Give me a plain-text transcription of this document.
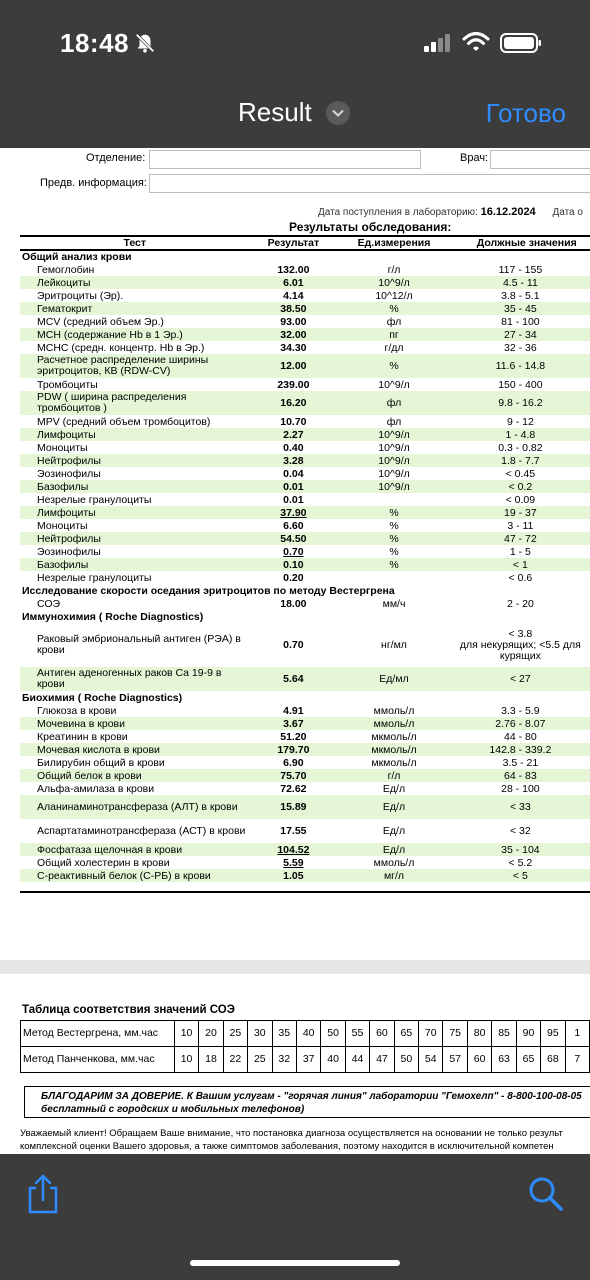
18:48
Result	Готово
Отделение:	Врач:
Предв. информация:
Дата поступления в лабораторию: 16.12.2024 Дата о
Результаты обследования:
Тест	Результат	Ед.измерения	Должные значения
Общий анализ крови			
Гемоглобин	132.00	г/л	117 - 155
Лейкоциты	6.01	10^9/л	4.5 - 11
Эритроциты (Эр).	4.14	10^12/л	3.8 - 5.1
Гематокрит	38.50	%	35 - 45
MCV (средний объем Эр.)	93.00	фл	81 - 100
MCH (содержание Hb в 1 Эр.)	32.00	пг	27 - 34
MCHC (средн. концентр. Hb в Эр.)	34.30	г/дл	32 - 36
Расчетное распределение ширины эритроцитов, КВ (RDW-CV)	12.00	%	11.6 - 14.8
Тромбоциты	239.00	10^9/л	150 - 400
PDW ( ширина распределения тромбоцитов )	16.20	фл	9.8 - 16.2
MPV (средний объем тромбоцитов)	10.70	фл	9 - 12
Лимфоциты	2.27	10^9/л	1 - 4.8
Моноциты	0.40	10^9/л	0.3 - 0.82
Нейтрофилы	3.28	10^9/л	1.8 - 7.7
Эозинофилы	0.04	10^9/л	< 0.45
Базофилы	0.01	10^9/л	< 0.2
Незрелые гранулоциты	0.01		< 0.09
Лимфоциты	37.90	%	19 - 37
Моноциты	6.60	%	3 - 11
Нейтрофилы	54.50	%	47 - 72
Эозинофилы	0.70	%	1 - 5
Базофилы	0.10	%	< 1
Незрелые гранулоциты	0.20		< 0.6
Исследование скорости оседания эритроцитов по методу Вестергрена			
СОЭ	18.00	мм/ч	2 - 20
Иммунохимия ( Roche Diagnostics)			
Раковый эмбриональный антиген (РЭА) в крови	0.70	нг/мл	< 3.8
для некурящих; <5.5 для
курящих

Антиген аденогенных раков Ca 19-9 в крови	5.64	Ед/мл	< 27
Биохимия ( Roche Diagnostics)			
Глюкоза в крови	4.91	ммоль/л	3.3 - 5.9
Мочевина в крови	3.67	ммоль/л	2.76 - 8.07
Креатинин в крови	51.20	мкмоль/л	44 - 80
Мочевая кислота в крови	179.70	мкмоль/л	142.8 - 339.2
Билирубин общий в крови	6.90	мкмоль/л	3.5 - 21
Общий белок в крови	75.70	г/л	64 - 83
Альфа-амилаза в крови	72.62	Ед/л	28 - 100
Аланинаминотрансфераза (АЛТ) в крови	15.89	Ед/л	< 33
Аспартатаминотрансфераза (АСТ) в крови	17.55	Ед/л	< 32
Фосфатаза щелочная в крови	104.52	Ед/л	35 - 104
Общий холестерин в крови	5.59	ммоль/л	< 5.2
С-реактивный белок (С-РБ) в крови	1.05	мг/л	< 5
Таблица соответствия значений СОЭ
Метод Вестергрена, мм.час	10	20	25	30	35	40	50	55	60	65	70	75	80	85	90	95	1
Метод Панченкова, мм.час	10	18	22	25	32	37	40	44	47	50	54	57	60	63	65	68	7
БЛАГОДАРИМ ЗА ДОВЕРИЕ. К Вашим услугам - "горячая линия" лаборатории "Гемохелп" - 8-800-100-08-05
бесплатный с городских и мобильных телефонов)
Уважаемый клиент! Обращаем Ваше внимание, что постановка диагноза осуществляется на основании не только результ
комплексной оценки Вашего здоровья, а также симптомов заболевания, поэтому находится в исключительной компетен
